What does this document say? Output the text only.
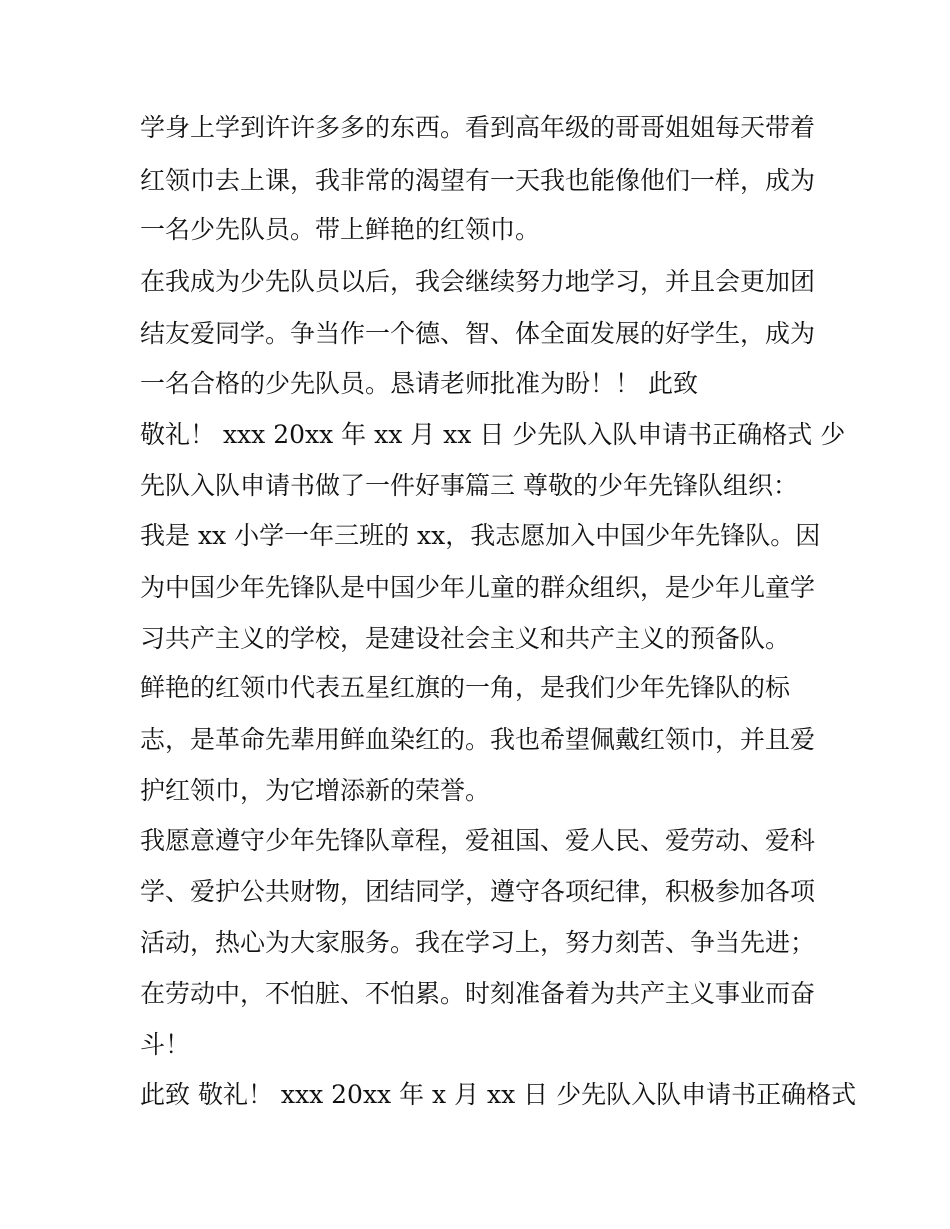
学身上学到许许多多的东西。看到高年级的哥哥姐姐每天带着
红领巾去上课，我非常的渴望有一天我也能像他们一样，成为
一名少先队员。带上鲜艳的红领巾。
在我成为少先队员以后，我会继续努力地学习，并且会更加团
结友爱同学。争当作一个德、智、体全面发展的好学生，成为
一名合格的少先队员。恳请老师批准为盼！！ 此致
敬礼！ xxx 20xx 年 xx 月 xx 日 少先队入队申请书正确格式 少
先队入队申请书做了一件好事篇三 尊敬的少年先锋队组织：
我是 xx 小学一年三班的 xx，我志愿加入中国少年先锋队。因
为中国少年先锋队是中国少年儿童的群众组织，是少年儿童学
习共产主义的学校，是建设社会主义和共产主义的预备队。
鲜艳的红领巾代表五星红旗的一角，是我们少年先锋队的标
志，是革命先辈用鲜血染红的。我也希望佩戴红领巾，并且爱
护红领巾，为它增添新的荣誉。
我愿意遵守少年先锋队章程，爱祖国、爱人民、爱劳动、爱科
学、爱护公共财物，团结同学，遵守各项纪律，积极参加各项
活动，热心为大家服务。我在学习上，努力刻苦、争当先进；
在劳动中，不怕脏、不怕累。时刻准备着为共产主义事业而奋
斗！
此致 敬礼！ xxx 20xx 年 x 月 xx 日 少先队入队申请书正确格式
